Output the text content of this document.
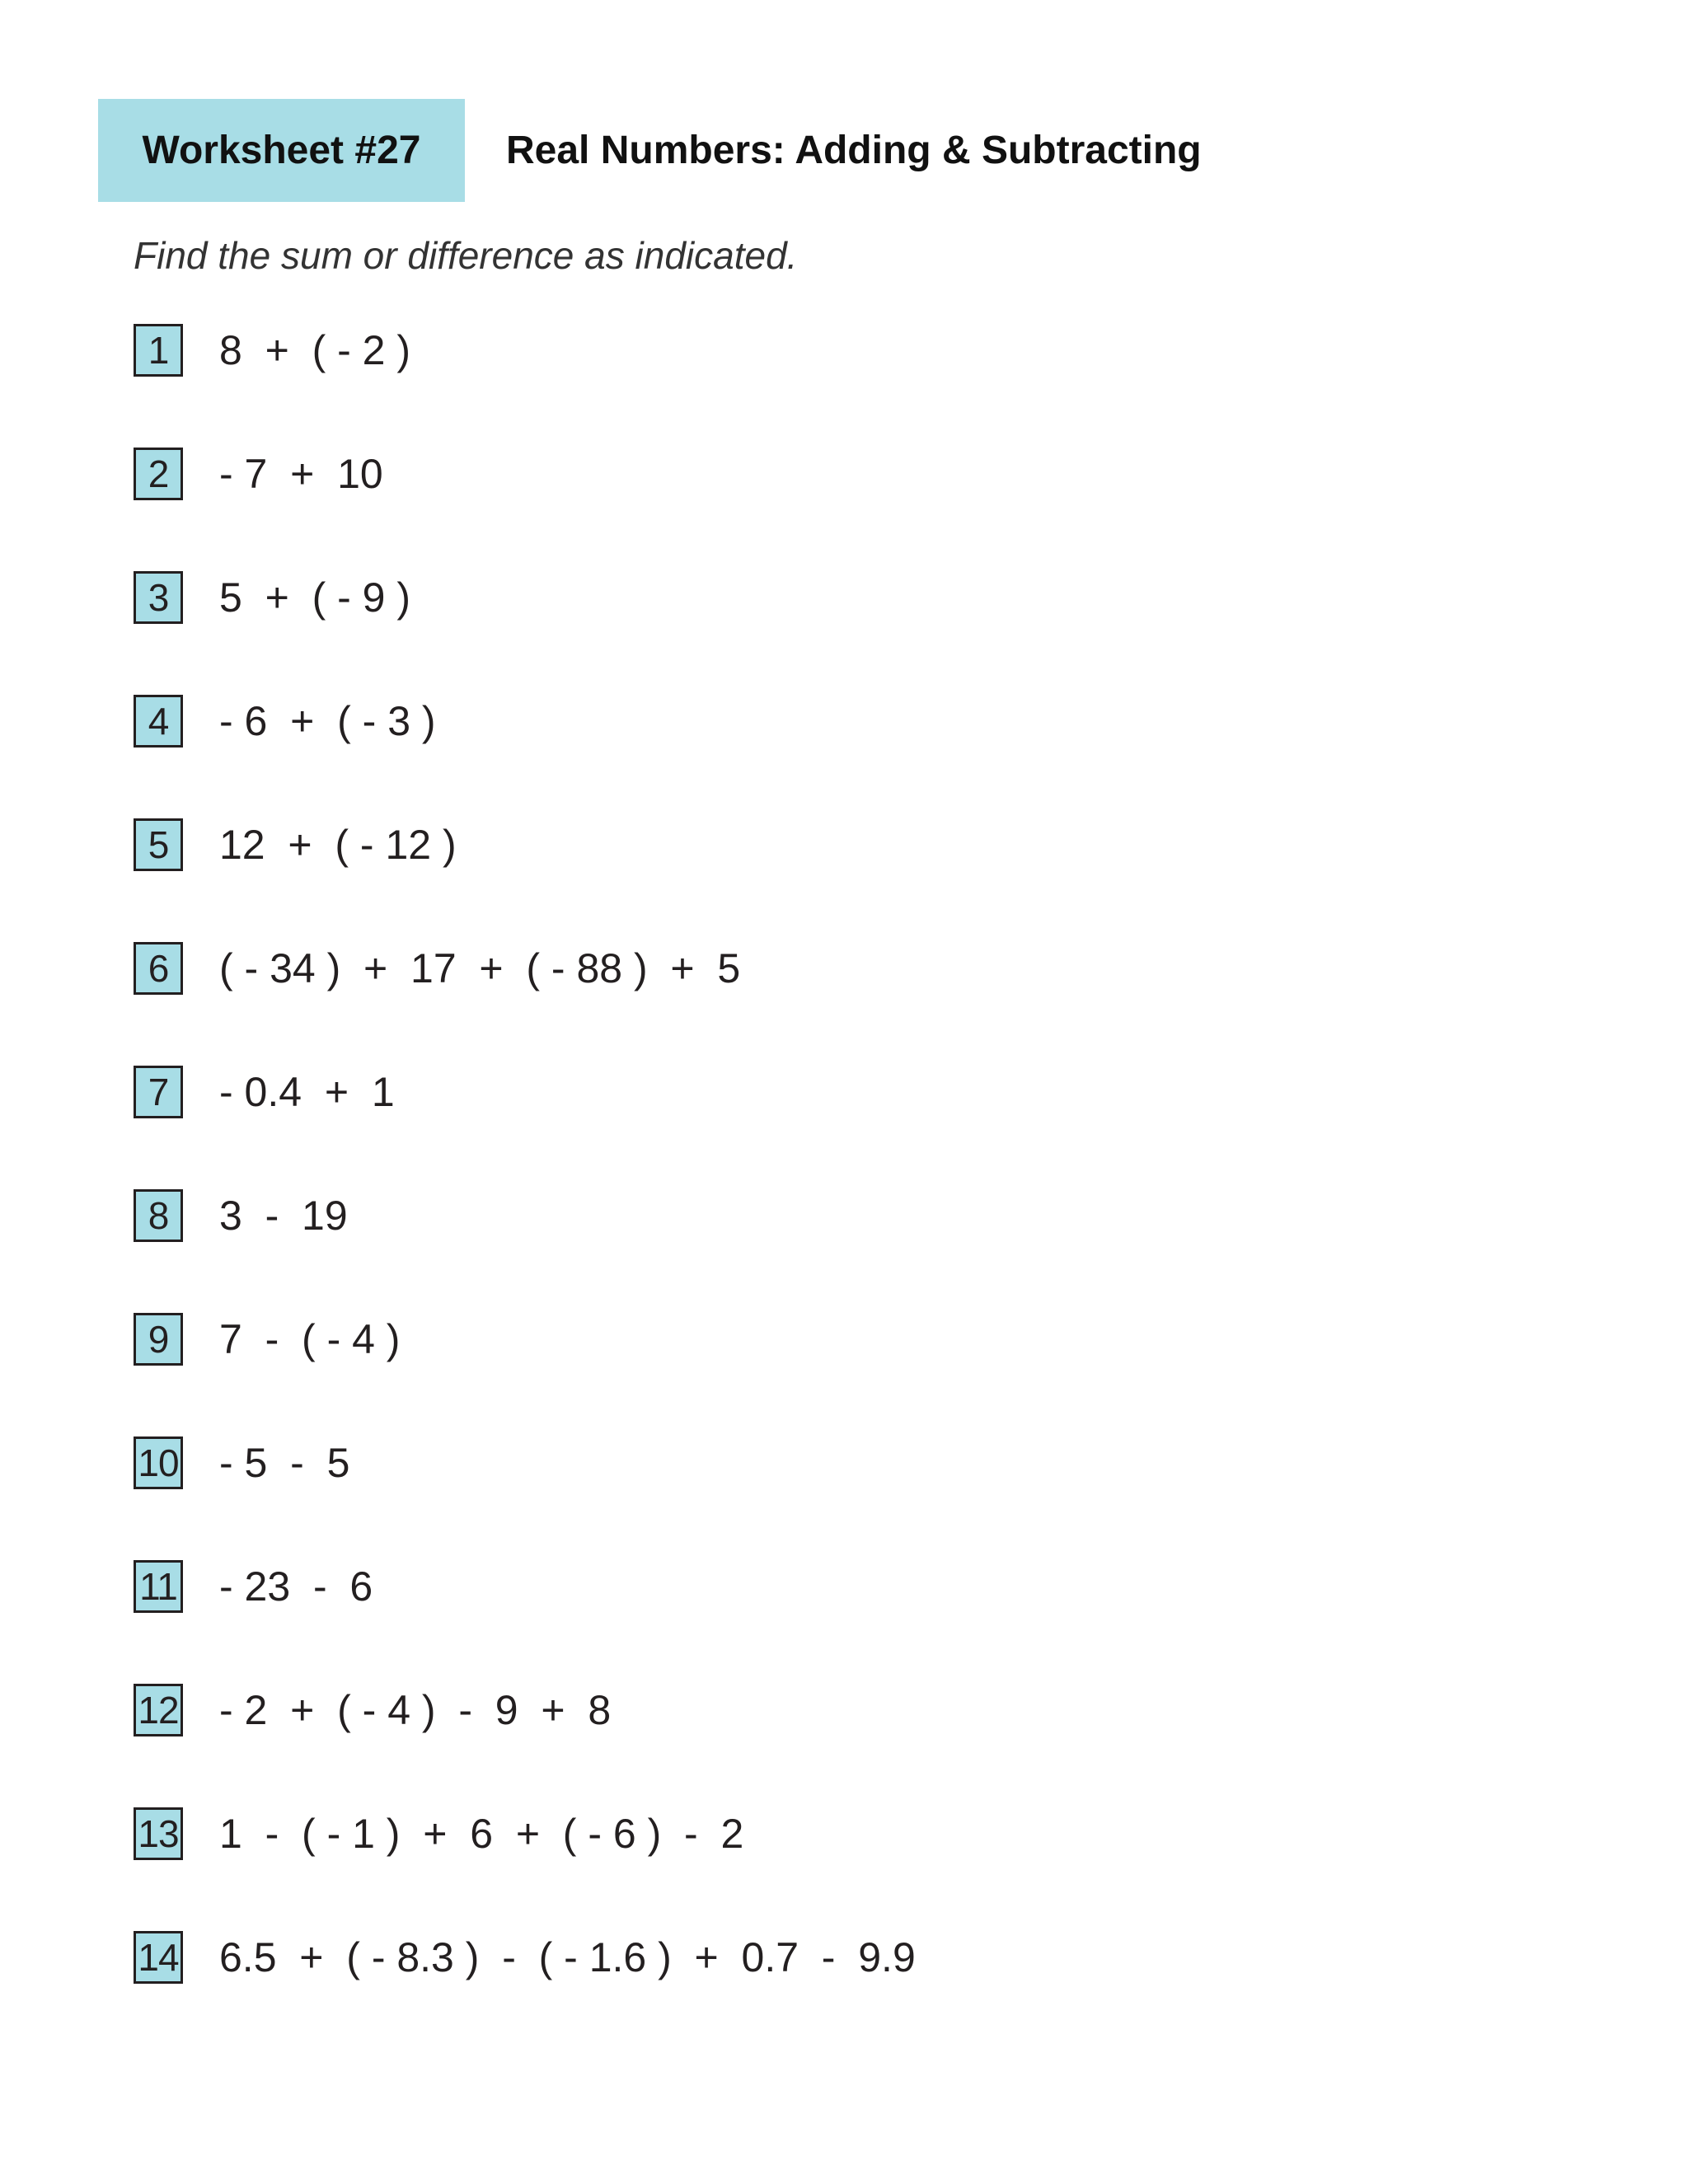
Worksheet #27 Real Numbers: Adding & Subtracting
Find the sum or difference as indicated.
1	8  +  ( - 2 )
2	- 7  +  10
3	5  +  ( - 9 )
4	- 6  +  ( - 3 )
5	12  +  ( - 12 )
6	( - 34 )  +  17  +  ( - 88 )  +  5
7	- 0.4  +  1
8	3  -  19
9	7  -  ( - 4 )
10 - 5  -  5
11 - 23  -  6
12 - 2  +  ( - 4 )  -  9  +  8
13 1  -  ( - 1 )  +  6  +  ( - 6 )  -  2
14 6.5  +  ( - 8.3 )  -  ( - 1.6 )  +  0.7  -  9.9
